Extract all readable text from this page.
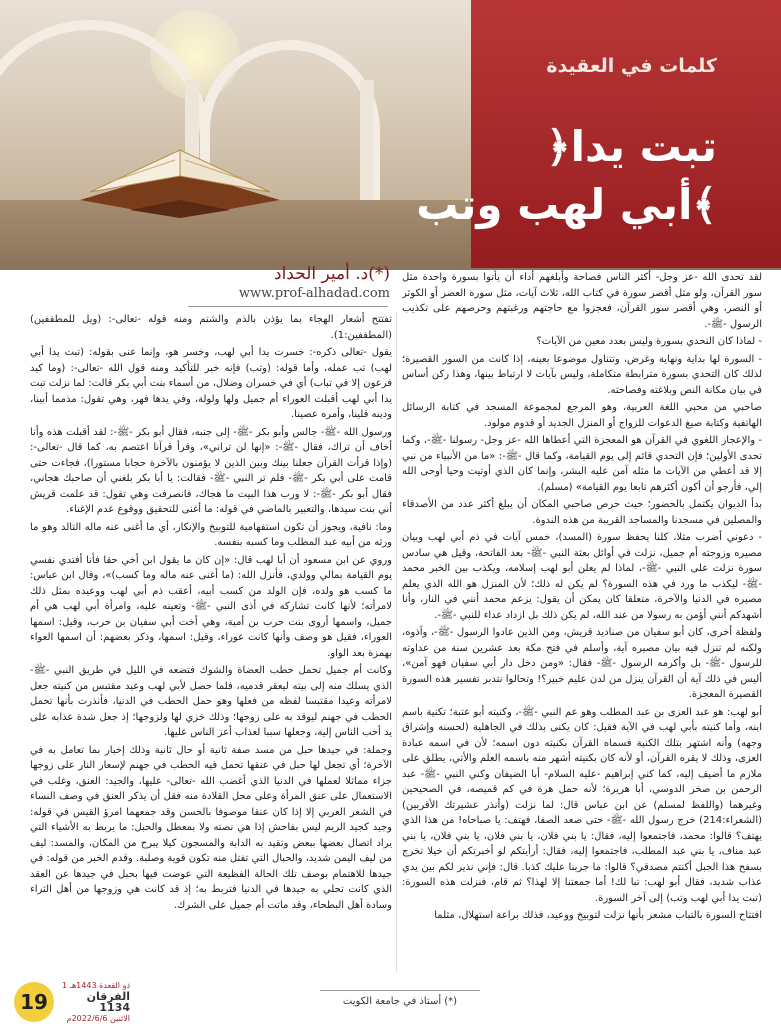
كلمات في العقيدة
﴿تبت يدا
أبي لهب وتب﴾
د. أمير الحداد(*)
www.prof-alhadad.com

لقد تحدى الله -عز وجل- أكثر الناس فصاحة وأبلغهم أداء أن يأتوا بسورة واحدة مثل سور القرآن، ولو مثل أقصر سورة في كتاب الله، ثلاث آيات، مثل سورة العصر أو الكوثر أو النصر، وهي أقصر سور القرآن، فعجزوا مع حاجتهم ورغبتهم وحرصهم على تكذيب الرسول -ﷺ-.

- لماذا كان التحدي بسورة وليس بعدد معين من الآيات؟

- السورة لها بداية ونهاية وغرض، وتتناول موضوعا بعينه، إذا كانت من السور القصيرة؛ لذلك كان التحدي بسورة مترابطة متكاملة، وليس بآيات لا ارتباط بينها، وهذا ركن أساس في بيان مكانة النص وبلاغته وفصاحته.

صاحبي من محبي اللغة العربية، وهو المرجع لمجموعة المسجد في كتابة الرسائل الهاتفية وكتابة صيغ الدعوات للزواج أو المنزل الجديد أو قدوم مولود.

- والإعجاز اللغوي في القرآن هو المعجزة التي أعطاها الله -عز وجل- رسولنا -ﷺ-، وكما تحدى الأولين؛ فإن التحدي قائم إلى يوم القيامة، وكما قال -ﷺ-: «ما من الأنبياء من نبي إلا قد أعطي من الآيات ما مثله آمن عليه البشر، وإنما كان الذي أوتيت وحيا أوحى الله إلي، فأرجو أن أكون أكثرهم تابعا يوم القيامة» (مسلم).

بدأ الديوان يكتمل بالحضور؛ حيث حرص صاحبي المكان أن يبلغ أكثر عدد من الأصدقاء والمصلين في مسجدنا والمساجد القريبة من هذه الندوة.

- دعوني أضرب مثلا، كلنا يحفظ سورة (المسد)، خمس آيات في ذم أبي لهب وبيان مصيره وزوجته أم جميل، نزلت في أوائل بعثة النبي -ﷺ- بعد الفاتحة، وقيل هي سادس سورة نزلت على النبي -ﷺ-، لماذا لم يعلن أبو لهب إسلامه، ويكذب بين الخبر محمد -ﷺ- ليكذب ما ورد في هذه السورة؟ لم يكن له ذلك؛ لأن المنزل هو الله الذي يعلم مصيره في الدنيا والآخرة، متعلقا كان يمكن أن يقول: يزعم محمد أنني في النار، وأنا أشهدكم أنني أؤمن به رسولا من عند الله، لم يكن ذلك بل ازداد عداء للنبي -ﷺ-.

ولفظة أخرى، كان أبو سفيان من صناديد قريش، ومن الذين عادوا الرسول -ﷺ-، وآذوه، ولكنه لم تنزل فيه بيان مصيره آية، وأسلم في فتح مكة بعد عشرين سنة من عداوته للرسول -ﷺ- بل وأكرمه الرسول -ﷺ- فقال: «ومن دخل دار أبي سفيان فهو آمن»، أليس في ذلك آية أن القرآن ينزل من لدن عليم خبير؟! وتحالوا نتدبر تفسير هذه السورة القصيرة المعجزة.

أبو لهب: هو عبد العزى بن عبد المطلب وهو عم النبي -ﷺ-، وكنيته أبو عتبة؛ تكنية باسم ابنه، وأما كنيته بأبي لهب في الآية فقيل: كان يكنى بذلك في الجاهلية (لحسنه وإشراق وجهه) وأنه اشتهر بتلك الكنية فسماه القرآن بكنيته دون اسمه؛ لأن في اسمه عبادة العزى، وذلك لا يقره القرآن، أو لأنه كان بكنيته أشهر منه باسمه العلم والأتي، يطلق على ملازم ما أضيف إليه، كما كني إبراهيم -عليه السلام- أبا الضيفان وكني النبي -ﷺ- عبد الرحمن بن صخر الدوسي، أبا هريرة؛ لأنه حمل هرة في كم قميصه، في الصحيحين وغيرهما (واللفظ لمسلم) عن ابن عباس قال: لما نزلت (وأنذر عشيرتك الأقربين) (الشعراء:214) خرج رسول الله -ﷺ- حتى صعد الصفا، فهتف: يا صباحاه! من هذا الذي يهتف؟ قالوا: محمد، فاجتمعوا إليه، فقال: يا بني فلان، يا بني فلان، يا بني فلان، يا بني عبد مناف، يا بني عبد المطلب، فاجتمعوا إليه، فقال: أرأيتكم لو أخبرتكم أن خيلا تخرج بسفح هذا الجبل أكنتم مصدقي؟ قالوا: ما جربنا عليك كذبا. قال: فإني نذير لكم بين يدي عذاب شديد، فقال أبو لهب: تبا لك! أما جمعتنا إلا لهذا؟ ثم قام، فنزلت هذه السورة: (تبت يدا أبي لهب وتب) إلى آخر السورة.

افتتاح السورة بالتباب مشعر بأنها نزلت لتوبيخ ووعيد، فذلك براعة استهلال، مثلما

تفتتح أشعار الهجاء بما يؤذن بالذم والشتم ومنه قوله -تعالى-: (ويل للمطففين) (المطففين:1).

يقول -تعالى ذكره-: خسرت يدا أبي لهب، وخسر هو، وإنما عنى بقوله: (تبت يدا أبي لهب) تب عمله، وأما قوله: (وتب) فإنه خبر للتأكيد ومنه قول الله -تعالى-: (وما كيد فرعون إلا في تباب) أي في خسران وضلال، من أسماء بنت أبي بكر قالت: لما نزلت تبت يدا أبي لهب أقبلت العوراء أم جميل ولها ولولة، وفي يدها فهر، وهي تقول: مذمما أبينا، ودينه قلينا، وأمره عصينا.

ورسول الله -ﷺ- جالس وأبو بكر -ﷺ- إلى جنبه، فقال أبو بكر -ﷺ-: لقد أقبلت هذه وأنا أخاف أن تراك، فقال -ﷺ-: «إنها لن تراني»، وقرأ قرآنا اعتصم به، كما قال -تعالى-: (وإذا قرأت القرآن جعلنا بينك وبين الذين لا يؤمنون بالآخرة حجابا مستورا)، فجاءت حتى قامت على أبي بكر -ﷺ- فلم تر النبي -ﷺ- فقالت: يا أبا بكر بلغني أن صاحبك هجاني، فقال أبو بكر -ﷺ-: لا ورب هذا البيت ما هجاك، فانصرفت وهي تقول: قد علمت قريش أني بنت سيدها، والتعبير بالماضي في قوله: ما أغنى للتحقيق ووقوع عدم الإغناء.

وما: نافية، ويجوز أن تكون استفهامية للتوبيخ والإنكار، أي ما أغنى عنه ماله التالد وهو ما ورثه من أبيه عبد المطلب وما كسبه بنفسه.

وروي عن ابن مسعود أن أبا لهب قال: «إن كان ما يقول ابن أخي حقا فأنا أفتدي نفسي يوم القيامة بمالي وولدي، فأنزل الله: (ما أغنى عنه ماله وما كسب)»، وقال ابن عباس: ما كسب هو ولده، فإن الولد من كسب أبيه، أعقب ذم أبي لهب ووعيده بمثل ذلك لامرأته؛ لأنها كانت تشاركه في أذى النبي -ﷺ- وتعينه عليه، وامرأة أبي لهب هي أم جميل، واسمها أروى بنت حرب بن أمية، وهي أخت أبي سفيان بن حرب، وقيل: اسمها العوراء، فقيل هو وصف وأنها كانت عوراء، وقيل: اسمها، وذكر بعضهم: أن اسمها العواء بهمزة بعد الواو.

وكانت أم جميل تحمل حطب العضاة والشوك فتضعه في الليل في طريق النبي -ﷺ- الذي يسلك منه إلى بيته ليعقر قدميه، فلما حصل لأبي لهب وعيد مقتبس من كنيته جعل لامرأته وعيدا مقتبسا لفظه من فعلها وهو حمل الحطب في الدنيا، فأنذرت بأنها تحمل الحطب في جهنم ليوقد به على زوجها؛ وذلك خزي لها ولزوجها؛ إذ جعل شدة عذابه على يد أحب الناس إليه، وجعلها سببا لعذاب أعز الناس عليها.

وجملة: في جيدها حبل من مسد صفة ثانية أو حال ثانية وذلك إخبار بما تعامل به في الآخرة؛ أي تجعل لها حبل في عنقها تحمل فيه الحطب في جهنم لإسعار النار على زوجها جزاء مماثلا لعملها في الدنيا الذي أغضب الله -تعالى- عليها، والجيد: العنق، وغلب في الاستعمال على عنق المرأة وعلى محل القلادة منه فقل أن يذكر العنق في وصف النساء في الشعر العربي إلا إذا كان عنقا موصوفا بالحسن وقد جمعهما امرؤ القيس في قوله: وجيد كجيد الريم ليس بفاحش إذا هي نصته ولا بمعطل والحبل: ما يربط به الأشياء التي يراد اتصال بعضها ببعض وتقيد به الدابة والمسجون كيلا يبرح من المكان، والمسد: ليف من ليف اليمن شديد، والحبال التي تفتل منه تكون قوية وصلبة. وقدم الخبر من قوله: في جيدها للاهتمام بوصف تلك الحالة الفظيعة التي عوضت فيها بحبل في جيدها عن العقد الذي كانت تحلي به جيدها في الدنيا فتربط به؛ إذ قد كانت هي وزوجها من أهل الثراء وسادة أهل البطحاء، وقد ماتت أم جميل على الشرك.

19
1 ذو القعدة 1443هـ
الفرقان 1134
الاثنين 2022/6/6م
(*) أستاذ في جامعة الكويت
